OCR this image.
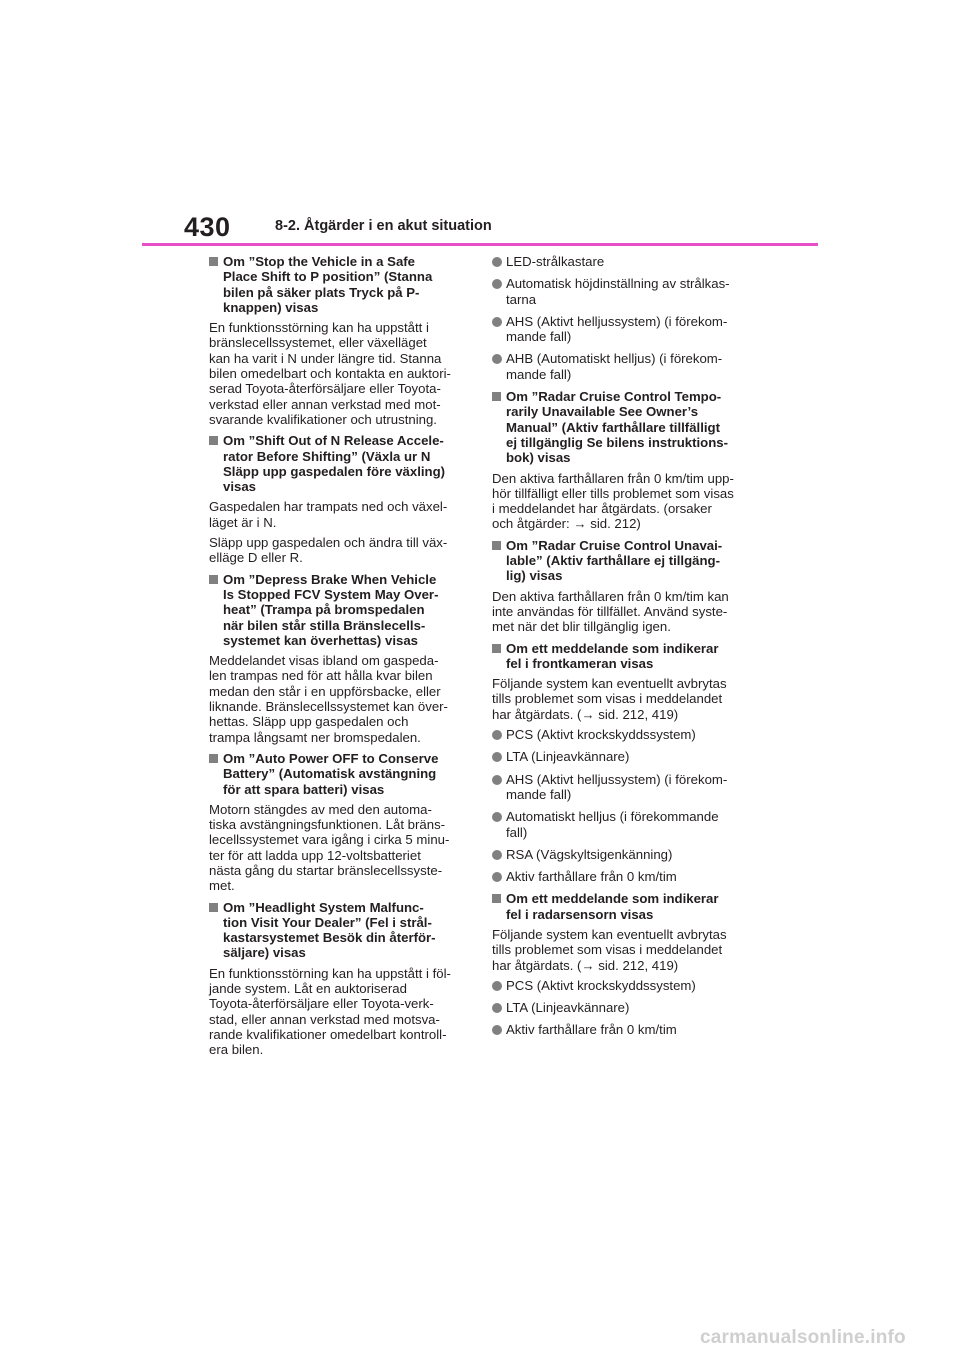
430	8-2. Åtgärder i en akut situation
Om ”Stop the Vehicle in a Safe
Place Shift to P position” (Stanna
bilen på säker plats Tryck på P-
knappen) visas
En funktionsstörning kan ha uppstått i
bränslecellssystemet, eller växelläget
kan ha varit i N under längre tid. Stanna
bilen omedelbart och kontakta en auktori-
serad Toyota-återförsäljare eller Toyota-
verkstad eller annan verkstad med mot-
svarande kvalifikationer och utrustning.
Om ”Shift Out of N Release Accele-
rator Before Shifting” (Växla ur N
Släpp upp gaspedalen före växling)
visas
Gaspedalen har trampats ned och växel-
läget är i N.
Släpp upp gaspedalen och ändra till väx-
elläge D eller R.
Om ”Depress Brake When Vehicle
Is Stopped FCV System May Over-
heat” (Trampa på bromspedalen
när bilen står stilla Bränslecells-
systemet kan överhettas) visas
Meddelandet visas ibland om gaspeda-
len trampas ned för att hålla kvar bilen
medan den står i en uppförsbacke, eller
liknande. Bränslecellssystemet kan över-
hettas. Släpp upp gaspedalen och
trampa långsamt ner bromspedalen.
Om ”Auto Power OFF to Conserve
Battery” (Automatisk avstängning
för att spara batteri) visas
Motorn stängdes av med den automa-
tiska avstängningsfunktionen. Låt bräns-
lecellssystemet vara igång i cirka 5 minu-
ter för att ladda upp 12-voltsbatteriet
nästa gång du startar bränslecellssyste-
met.
Om ”Headlight System Malfunc-
tion Visit Your Dealer” (Fel i strål-
kastarsystemet Besök din återför-
säljare) visas
En funktionsstörning kan ha uppstått i föl-
jande system. Låt en auktoriserad
Toyota-återförsäljare eller Toyota-verk-
stad, eller annan verkstad med motsva-
rande kvalifikationer omedelbart kontroll-
era bilen.
LED-strålkastare
Automatisk höjdinställning av strålkas-
tarna
AHS (Aktivt helljussystem) (i förekom-
mande fall)
AHB (Automatiskt helljus) (i förekom-
mande fall)
Om ”Radar Cruise Control Tempo-
rarily Unavailable See Owner’s
Manual” (Aktiv farthållare tillfälligt
ej tillgänglig Se bilens instruktions-
bok) visas
Den aktiva farthållaren från 0 km/tim upp-
hör tillfälligt eller tills problemet som visas
i meddelandet har åtgärdats. (orsaker
och åtgärder: → sid. 212)
Om ”Radar Cruise Control Unavai-
lable” (Aktiv farthållare ej tillgäng-
lig) visas
Den aktiva farthållaren från 0 km/tim kan
inte användas för tillfället. Använd syste-
met när det blir tillgänglig igen.
Om ett meddelande som indikerar
fel i frontkameran visas
Följande system kan eventuellt avbrytas
tills problemet som visas i meddelandet
har åtgärdats. (→ sid. 212, 419)
PCS (Aktivt krockskyddssystem)
LTA (Linjeavkännare)
AHS (Aktivt helljussystem) (i förekom-
mande fall)
Automatiskt helljus (i förekommande
fall)
RSA (Vägskyltsigenkänning)
Aktiv farthållare från 0 km/tim
Om ett meddelande som indikerar
fel i radarsensorn visas
Följande system kan eventuellt avbrytas
tills problemet som visas i meddelandet
har åtgärdats. (→ sid. 212, 419)
PCS (Aktivt krockskyddssystem)
LTA (Linjeavkännare)
Aktiv farthållare från 0 km/tim
carmanualsonline.info
